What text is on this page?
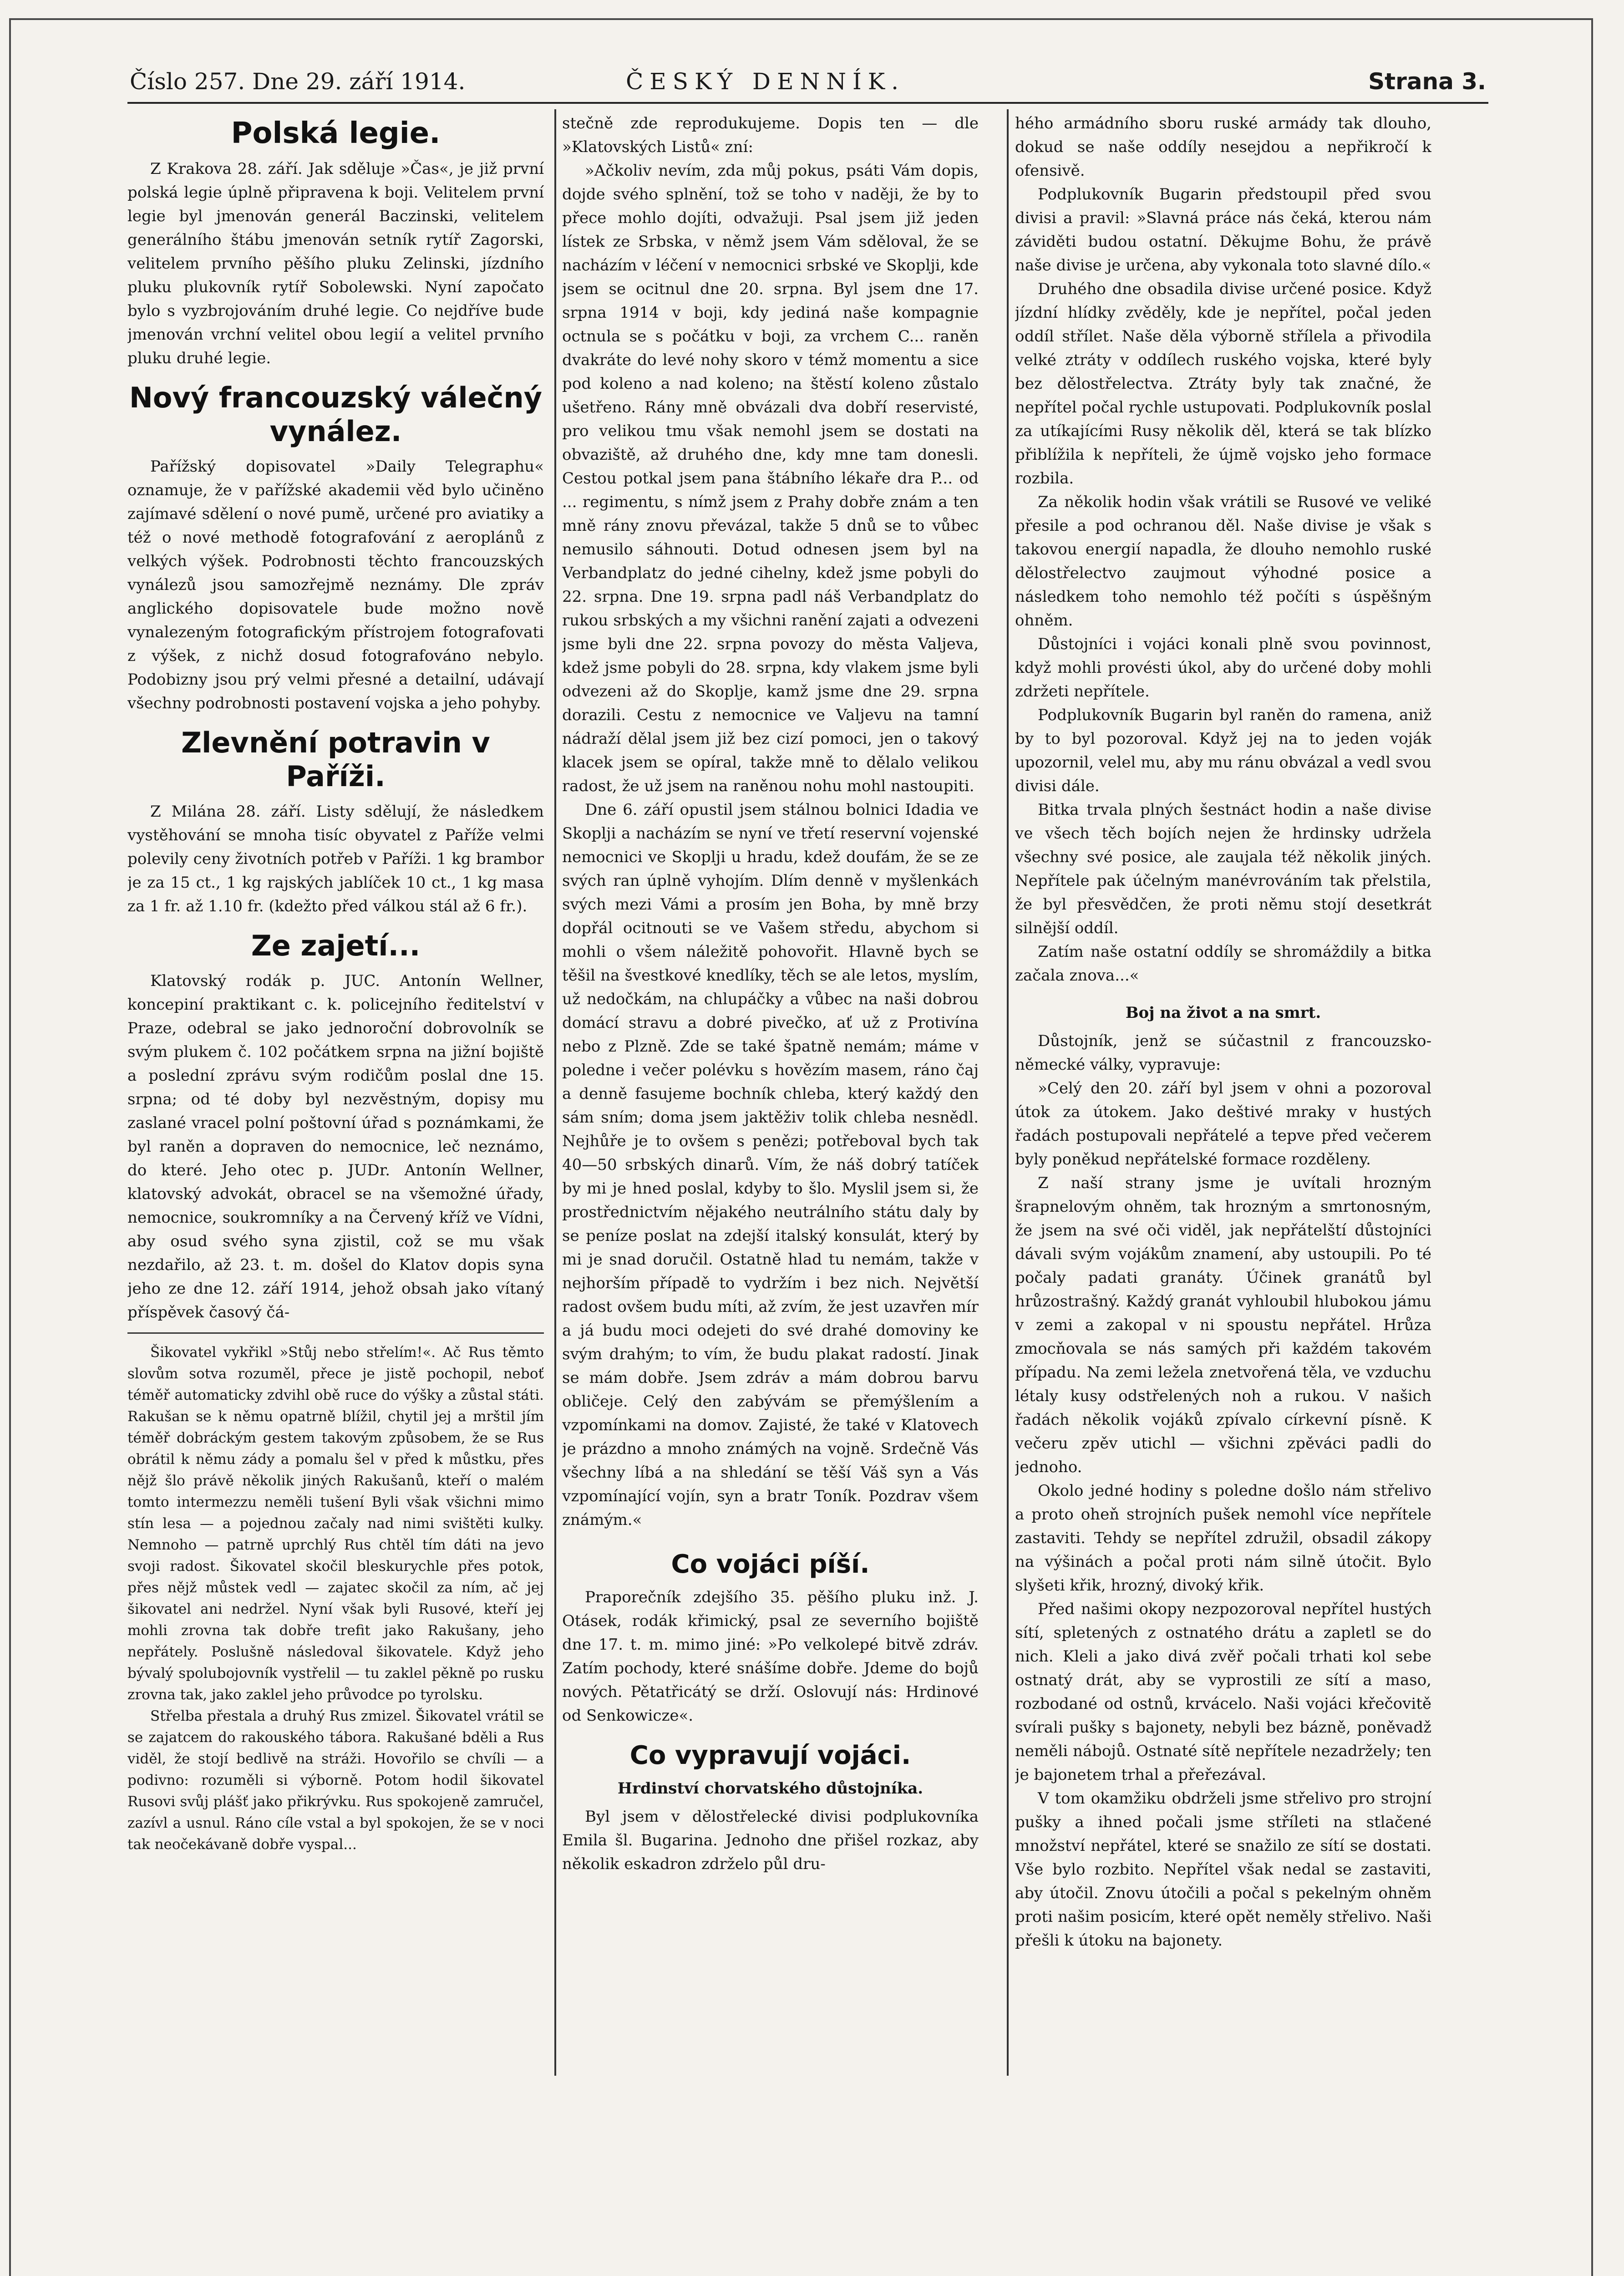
Číslo 257. Dne 29. září 1914.	ČESKÝ DENNÍK.	Strana 3.
Polská legie.

Z Krakova 28. září. Jak sděluje »Čas«, je již první polská legie úplně připravena k boji. Velitelem první legie byl jmenován generál Baczinski, velitelem generálního štábu jmenován setník rytíř Zagorski, velitelem prvního pěšího pluku Zelinski, jízdního pluku plukovník rytíř Sobolewski. Nyní započato bylo s vyzbrojováním druhé legie. Co nejdříve bude jmenován vrchní velitel obou legií a velitel prvního pluku druhé legie.

Nový francouzský válečný vynález.

Pařížský dopisovatel »Daily Telegraphu« oznamuje, že v pařížské akademii věd bylo učiněno zajímavé sdělení o nové pumě, určené pro aviatiky a též o nové methodě fotografování z aeroplánů z velkých výšek. Podrobnosti těchto francouzských vynálezů jsou samozřejmě neznámy. Dle zpráv anglického dopisovatele bude možno nově vynalezeným fotografickým přístrojem fotografovati z výšek, z nichž dosud fotografováno nebylo. Podobizny jsou prý velmi přesné a detailní, udávají všechny podrobnosti postavení vojska a jeho pohyby.

Zlevnění potravin v Paříži.

Z Milána 28. září. Listy sdělují, že následkem vystěhování se mnoha tisíc obyvatel z Paříže velmi polevily ceny životních potřeb v Paříži. 1 kg brambor je za 15 ct., 1 kg rajských jablíček 10 ct., 1 kg masa za 1 fr. až 1.10 fr. (kdežto před válkou stál až 6 fr.).

Ze zajetí...

Klatovský rodák p. JUC. Antonín Wellner, koncepiní praktikant c. k. policejního ředitelství v Praze, odebral se jako jednoroční dobrovolník se svým plukem č. 102 počátkem srpna na jižní bojiště a poslední zprávu svým rodičům poslal dne 15. srpna; od té doby byl nezvěstným, dopisy mu zaslané vracel polní poštovní úřad s poznámkami, že byl raněn a dopraven do nemocnice, leč neznámo, do které. Jeho otec p. JUDr. Antonín Wellner, klatovský advokát, obracel se na všemožné úřady, nemocnice, soukromníky a na Červený kříž ve Vídni, aby osud svého syna zjistil, což se mu však nezdařilo, až 23. t. m. došel do Klatov dopis syna jeho ze dne 12. září 1914, jehož obsah jako vítaný příspěvek časový čá-

Šikovatel vykřikl »Stůj nebo střelím!«. Ač Rus těmto slovům sotva rozuměl, přece je jistě pochopil, neboť téměř automaticky zdvihl obě ruce do výšky a zůstal státi. Rakušan se k němu opatrně blížil, chytil jej a mrštil jím téměř dobráckým gestem takovým způsobem, že se Rus obrátil k němu zády a pomalu šel v před k můstku, přes nějž šlo právě několik jiných Rakušanů, kteří o malém tomto intermezzu neměli tušení Byli však všichni mimo stín lesa — a pojednou začaly nad nimi svištěti kulky. Nemnoho — patrně uprchlý Rus chtěl tím dáti na jevo svoji radost. Šikovatel skočil bleskurychle přes potok, přes nějž můstek vedl — zajatec skočil za ním, ač jej šikovatel ani nedržel. Nyní však byli Rusové, kteří jej mohli zrovna tak dobře trefit jako Rakušany, jeho nepřátely. Poslušně následoval šikovatele. Když jeho bývalý spolubojovník vystřelil — tu zaklel pěkně po rusku zrovna tak, jako zaklel jeho průvodce po tyrolsku.

Střelba přestala a druhý Rus zmizel. Šikovatel vrátil se se zajatcem do rakouského tábora. Rakušané bděli a Rus viděl, že stojí bedlivě na stráži. Hovořilo se chvíli — a podivno: rozuměli si výborně. Potom hodil šikovatel Rusovi svůj plášť jako přikrývku. Rus spokojeně zamručel, zazívl a usnul. Ráno cíle vstal a byl spokojen, že se v noci tak neočekávaně dobře vyspal...

stečně zde reprodukujeme. Dopis ten — dle »Klatovských Listů« zní:

»Ačkoliv nevím, zda můj pokus, psáti Vám dopis, dojde svého splnění, tož se toho v naději, že by to přece mohlo dojíti, odvažuji. Psal jsem již jeden lístek ze Srbska, v němž jsem Vám sděloval, že se nacházím v léčení v nemocnici srbské ve Skoplji, kde jsem se ocitnul dne 20. srpna. Byl jsem dne 17. srpna 1914 v boji, kdy jediná naše kompagnie octnula se s počátku v boji, za vrchem C... raněn dvakráte do levé nohy skoro v témž momentu a sice pod koleno a nad koleno; na štěstí koleno zůstalo ušetřeno. Rány mně obvázali dva dobří reservisté, pro velikou tmu však nemohl jsem se dostati na obvaziště, až druhého dne, kdy mne tam donesli. Cestou potkal jsem pana štábního lékaře dra P... od ... regimentu, s nímž jsem z Prahy dobře znám a ten mně rány znovu převázal, takže 5 dnů se to vůbec nemusilo sáhnouti. Dotud odnesen jsem byl na Verbandplatz do jedné cihelny, kdež jsme pobyli do 22. srpna. Dne 19. srpna padl náš Verbandplatz do rukou srbských a my všichni ranění zajati a odvezeni jsme byli dne 22. srpna povozy do města Valjeva, kdež jsme pobyli do 28. srpna, kdy vlakem jsme byli odvezeni až do Skoplje, kamž jsme dne 29. srpna dorazili. Cestu z nemocnice ve Valjevu na tamní nádraží dělal jsem již bez cizí pomoci, jen o takový klacek jsem se opíral, takže mně to dělalo velikou radost, že už jsem na raněnou nohu mohl nastoupiti.

Dne 6. září opustil jsem stálnou bolnici Idadia ve Skoplji a nacházím se nyní ve třetí reservní vojenské nemocnici ve Skoplji u hradu, kdež doufám, že se ze svých ran úplně vyhojím. Dlím denně v myšlenkách svých mezi Vámi a prosím jen Boha, by mně brzy dopřál ocitnouti se ve Vašem středu, abychom si mohli o všem náležitě pohovořit. Hlavně bych se těšil na švestkové knedlíky, těch se ale letos, myslím, už nedočkám, na chlupáčky a vůbec na naši dobrou domácí stravu a dobré pivečko, ať už z Protivína nebo z Plzně. Zde se také špatně nemám; máme v poledne i večer polévku s hovězím masem, ráno čaj a denně fasujeme bochník chleba, který každý den sám sním; doma jsem jaktěživ tolik chleba nesnědl. Nejhůře je to ovšem s penězi; potřeboval bych tak 40—50 srbských dinarů. Vím, že náš dobrý tatíček by mi je hned poslal, kdyby to šlo. Myslil jsem si, že prostřednictvím nějakého neutrálního státu daly by se peníze poslat na zdejší italský konsulát, který by mi je snad doručil. Ostatně hlad tu nemám, takže v nejhorším případě to vydržím i bez nich. Největší radost ovšem budu míti, až zvím, že jest uzavřen mír a já budu moci odejeti do své drahé domoviny ke svým drahým; to vím, že budu plakat radostí. Jinak se mám dobře. Jsem zdráv a mám dobrou barvu obličeje. Celý den zabývám se přemýšlením a vzpomínkami na domov. Zajisté, že také v Klatovech je prázdno a mnoho známých na vojně. Srdečně Vás všechny líbá a na shledání se těší Váš syn a Vás vzpomínající vojín, syn a bratr Toník. Pozdrav všem známým.«

Co vojáci píší.

Praporečník zdejšího 35. pěšího pluku inž. J. Otásek, rodák křimický, psal ze severního bojiště dne 17. t. m. mimo jiné: »Po velkolepé bitvě zdráv. Zatím pochody, které snášíme dobře. Jdeme do bojů nových. Pětatřicátý se drží. Oslovují nás: Hrdinové od Senkowicze«.

Co vypravují vojáci.
Hrdinství chorvatského důstojníka.

Byl jsem v dělostřelecké divisi podplukovníka Emila šl. Bugarina. Jednoho dne přišel rozkaz, aby několik eskadron zdrželo půl dru-

hého armádního sboru ruské armády tak dlouho, dokud se naše oddíly nesejdou a nepřikročí k ofensivě.

Podplukovník Bugarin předstoupil před svou divisi a pravil: »Slavná práce nás čeká, kterou nám záviděti budou ostatní. Děkujme Bohu, že právě naše divise je určena, aby vykonala toto slavné dílo.«

Druhého dne obsadila divise určené posice. Když jízdní hlídky zvěděly, kde je nepřítel, počal jeden oddíl střílet. Naše děla výborně střílela a přivodila velké ztráty v oddílech ruského vojska, které byly bez dělostřelectva. Ztráty byly tak značné, že nepřítel počal rychle ustupovati. Podplukovník poslal za utíkajícími Rusy několik děl, která se tak blízko přiblížila k nepříteli, že újmě vojsko jeho formace rozbila.

Za několik hodin však vrátili se Rusové ve veliké přesile a pod ochranou děl. Naše divise je však s takovou energií napadla, že dlouho nemohlo ruské dělostřelectvo zaujmout výhodné posice a následkem toho nemohlo též počíti s úspěšným ohněm.

Důstojníci i vojáci konali plně svou povinnost, když mohli provésti úkol, aby do určené doby mohli zdržeti nepřítele.

Podplukovník Bugarin byl raněn do ramena, aniž by to byl pozoroval. Když jej na to jeden voják upozornil, velel mu, aby mu ránu obvázal a vedl svou divisi dále.

Bitka trvala plných šestnáct hodin a naše divise ve všech těch bojích nejen že hrdinsky udržela všechny své posice, ale zaujala též několik jiných. Nepřítele pak účelným manévrováním tak přelstila, že byl přesvědčen, že proti němu stojí desetkrát silnější oddíl.

Zatím naše ostatní oddíly se shromáždily a bitka začala znova...«

Boj na život a na smrt.

Důstojník, jenž se súčastnil z francouzsko-německé války, vypravuje:

»Celý den 20. září byl jsem v ohni a pozoroval útok za útokem. Jako deštivé mraky v hustých řadách postupovali nepřátelé a tepve před večerem byly poněkud nepřátelské formace rozděleny.

Z naší strany jsme je uvítali hrozným šrapnelovým ohněm, tak hrozným a smrtonosným, že jsem na své oči viděl, jak nepřátelští důstojníci dávali svým vojákům znamení, aby ustoupili. Po té počaly padati granáty. Účinek granátů byl hrůzostrašný. Každý granát vyhloubil hlubokou jámu v zemi a zakopal v ni spoustu nepřátel. Hrůza zmocňovala se nás samých při každém takovém případu. Na zemi ležela znetvořená těla, ve vzduchu létaly kusy odstřelených noh a rukou. V našich řadách několik vojáků zpívalo církevní písně. K večeru zpěv utichl — všichni zpěváci padli do jednoho.

Okolo jedné hodiny s poledne došlo nám střelivo a proto oheň strojních pušek nemohl více nepřítele zastaviti. Tehdy se nepřítel združil, obsadil zákopy na výšinách a počal proti nám silně útočit. Bylo slyšeti křik, hrozný, divoký křik.

Před našimi okopy nezpozoroval nepřítel hustých sítí, spletených z ostnatého drátu a zapletl se do nich. Kleli a jako divá zvěř počali trhati kol sebe ostnatý drát, aby se vyprostili ze sítí a maso, rozbodané od ostnů, krvácelo. Naši vojáci křečovitě svírali pušky s bajonety, nebyli bez bázně, poněvadž neměli nábojů. Ostnaté sítě nepřítele nezadržely; ten je bajonetem trhal a přeřezával.

V tom okamžiku obdrželi jsme střelivo pro strojní pušky a ihned počali jsme stříleti na stlačené množství nepřátel, které se snažilo ze sítí se dostati. Vše bylo rozbito. Nepřítel však nedal se zastaviti, aby útočil. Znovu útočili a počal s pekelným ohněm proti našim posicím, které opět neměly střelivo. Naši přešli k útoku na bajonety.
